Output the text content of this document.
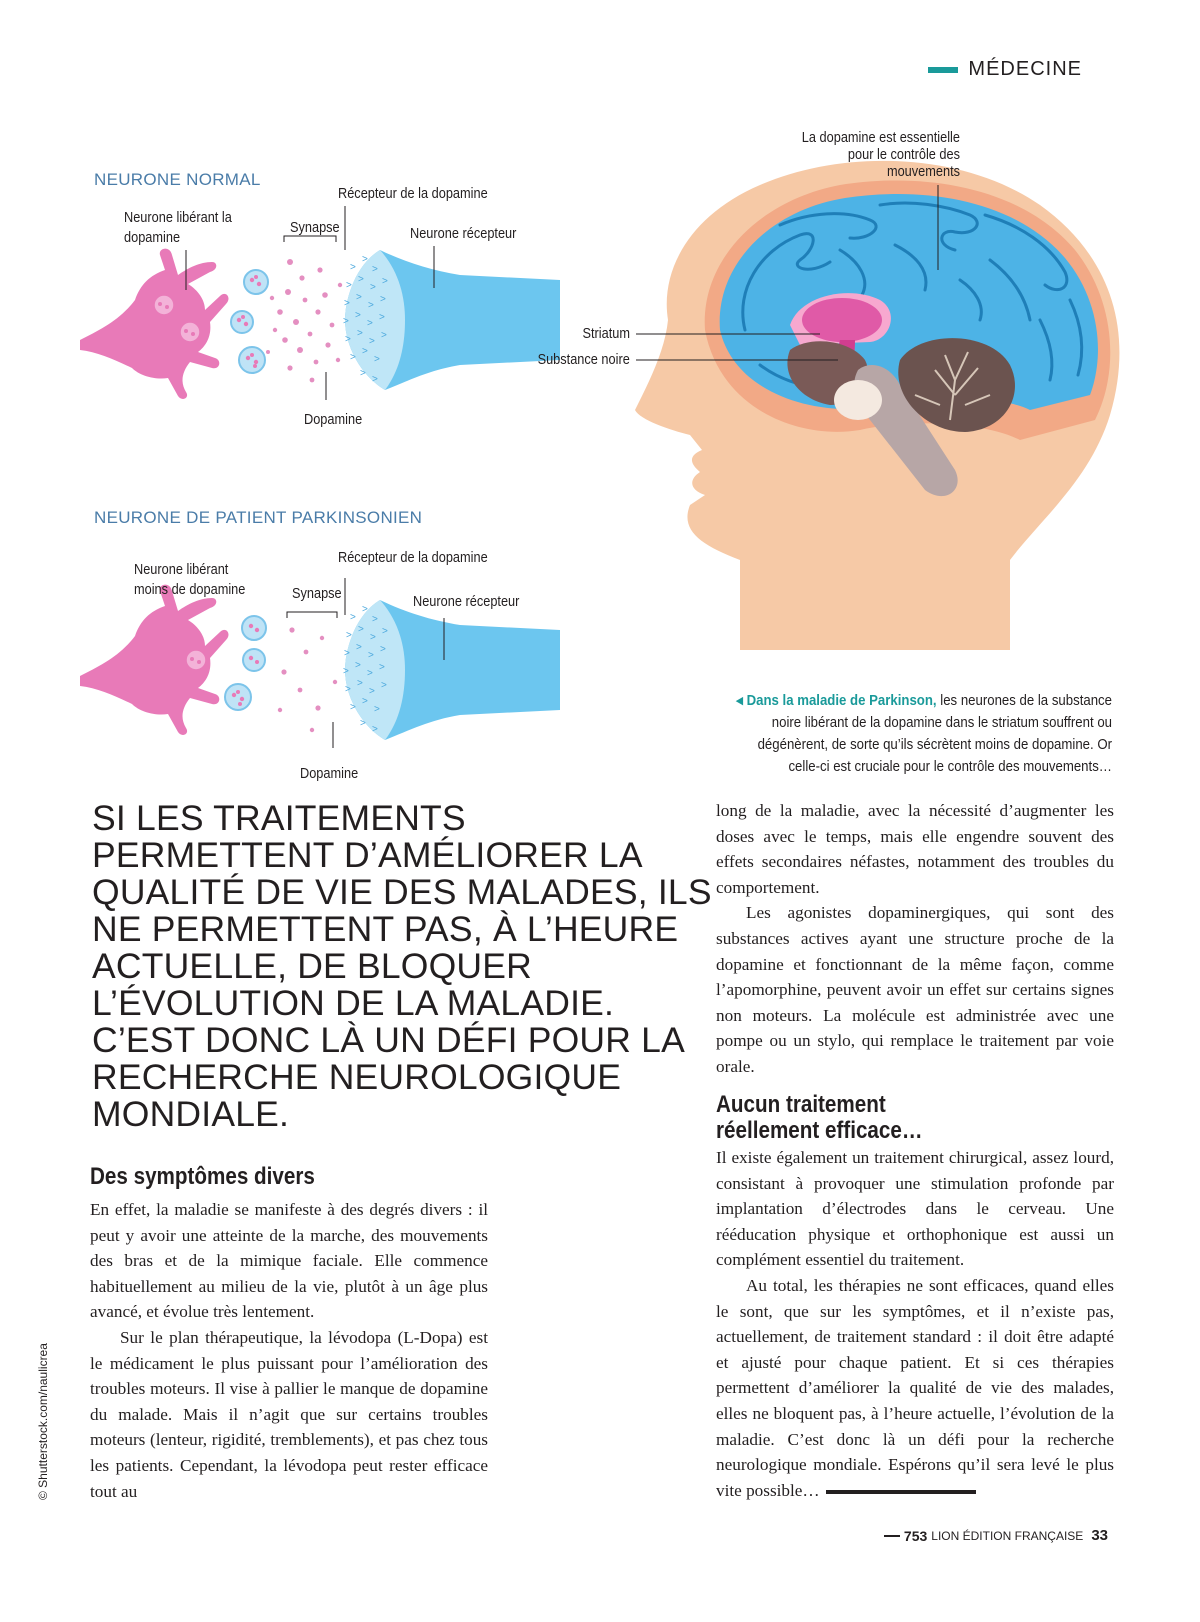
MÉDECINE
>
>
>
>
>
>
>
>
>
>
>
>
>
>
>
>
>
>
>
>
>
>
>
>
>
>
>
>
>
>
>
>
>
>
>
>
>
>
>
>
>
>
>
>
>
>
>
>
NEURONE NORMAL
Neurone libérant la dopamine
Récepteur de la dopamine
Synapse	Neurone récepteur
Dopamine
NEURONE DE PATIENT PARKINSONIEN
Neurone libérant moins de dopamine
Récepteur de la dopamine
Synapse	Neurone récepteur
Dopamine
La dopamine est essentielle pour le contrôle des mouvements
Striatum
Substance noire
◂ Dans la maladie de Parkinson, les neurones de la substance noire libérant de la dopamine dans le striatum souffrent ou dégénèrent, de sorte qu’ils sécrètent moins de dopamine. Or celle-ci est cruciale pour le contrôle des mouvements…
SI LES TRAITEMENTS PERMETTENT D’AMÉLIORER LA QUALITÉ DE VIE DES MALADES, ILS NE PERMETTENT PAS, À L’HEURE ACTUELLE, DE BLOQUER L’ÉVOLUTION DE LA MALADIE. C’EST DONC LÀ UN DÉFI POUR LA RECHERCHE NEUROLOGIQUE MONDIALE.
Des symptômes divers

En effet, la maladie se manifeste à des degrés divers : il peut y avoir une atteinte de la marche, des mouvements des bras et de la mimique faciale. Elle commence habituellement au milieu de la vie, plutôt à un âge plus avancé, et évolue très lentement.

Sur le plan thérapeutique, la lévodopa (L-Dopa) est le médicament le plus puissant pour l’amélioration des troubles moteurs. Il vise à pallier le manque de dopamine du malade. Mais il n’agit que sur certains troubles moteurs (lenteur, rigidité, tremblements), et pas chez tous les patients. Cependant, la lévodopa peut rester efficace tout au

long de la maladie, avec la nécessité d’augmenter les doses avec le temps, mais elle engendre souvent des effets secondaires néfastes, notamment des troubles du comportement.

Les agonistes dopaminergiques, qui sont des substances actives ayant une structure proche de la dopamine et fonctionnant de la même façon, comme l’apomorphine, peuvent avoir un effet sur certains signes non moteurs. La molécule est administrée avec une pompe ou un stylo, qui remplace le traitement par voie orale.

Aucun traitement
réellement efficace…

Il existe également un traitement chirurgical, assez lourd, consistant à provoquer une stimulation profonde par implantation d’électrodes dans le cerveau. Une rééducation physique et orthophonique est aussi un complément essentiel du traitement.

Au total, les thérapies ne sont efficaces, quand elles le sont, que sur les symptômes, et il n’existe pas, actuellement, de traitement standard : il doit être adapté et ajusté pour chaque patient. Et si ces thérapies permettent d’améliorer la qualité de vie des malades, elles ne bloquent pas, à l’heure actuelle, l’évolution de la maladie. C’est donc là un défi pour la recherche neurologique mondiale. Espérons qu’il sera levé le plus vite possible…

© Shutterstock.com/naulicrea
753 LION ÉDITION FRANÇAISE 33
